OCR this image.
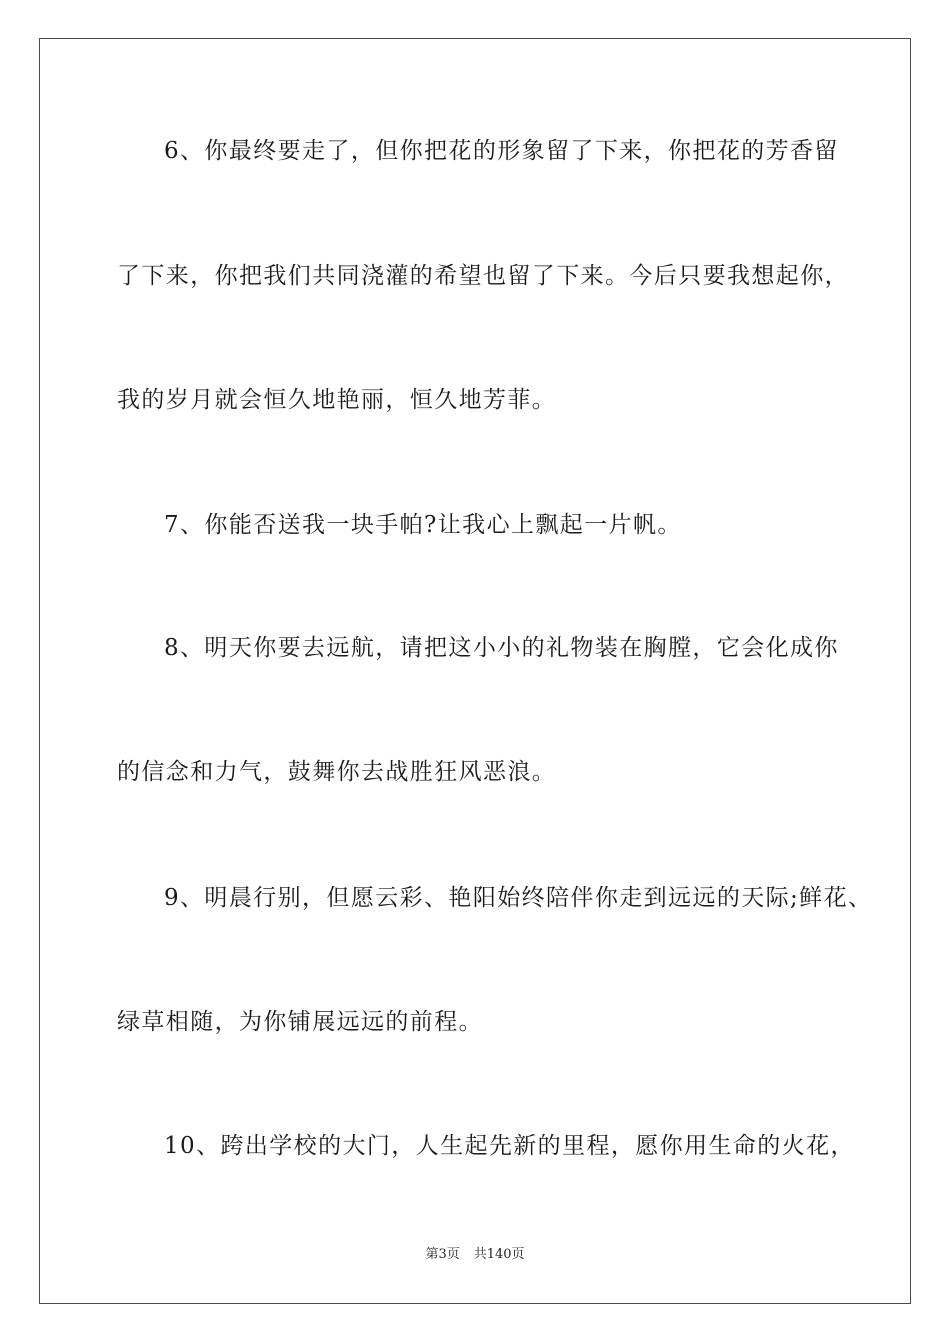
6、你最终要走了，但你把花的形象留了下来，你把花的芳香留
了下来，你把我们共同浇灌的希望也留了下来。今后只要我想起你，
我的岁月就会恒久地艳丽，恒久地芳菲。
7、你能否送我一块手帕?让我心上飘起一片帆。
8、明天你要去远航，请把这小小的礼物装在胸膛，它会化成你
的信念和力气，鼓舞你去战胜狂风恶浪。
9、明晨行别，但愿云彩、艳阳始终陪伴你走到远远的天际;鲜花、
绿草相随，为你铺展远远的前程。
10、跨出学校的大门，人生起先新的里程，愿你用生命的火花，
第3页 共140页
